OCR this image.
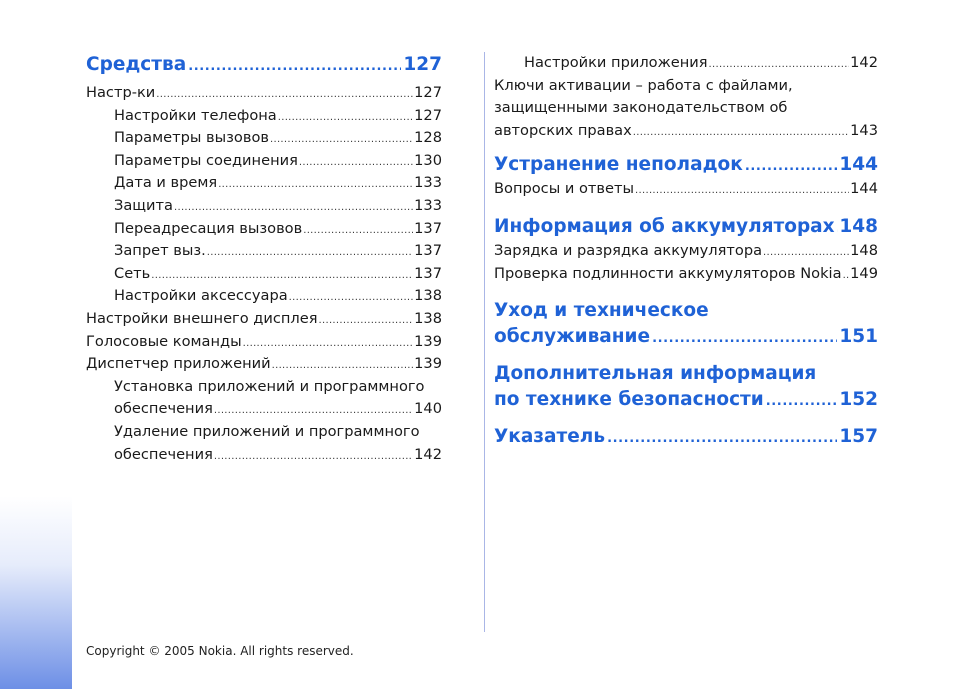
Средства .....	127
Настр-ки .....	127
Настройки телефона .....	127
Параметры вызовов .....	128
Параметры соединения .....	130
Дата и время .....	133
Защита .....	133
Переадресация вызовов .....	137
Запрет выз. .....	137
Сеть .....	137
Настройки аксессуара .....	138
Настройки внешнего дисплея .....	138
Голосовые команды .....	139
Диспетчер приложений .....	139
Установка приложений и программного
обеспечения .....	140
Удаление приложений и программного
обеспечения .....	142
Настройки приложения .....	142
Ключи активации – работа с файлами,
защищенными законодательством об
авторских правах .....	143
Устранение неполадок .....	144
Вопросы и ответы .....	144
Информация об аккумуляторах ..... 148
Зарядка и разрядка аккумулятора .....	148
Проверка подлинности аккумуляторов Nokia ..... 149
Уход и техническое
обслуживание .....	151
Дополнительная информация
по технике безопасности .....	152
Указатель .....	157
Copyright © 2005 Nokia. All rights reserved.
